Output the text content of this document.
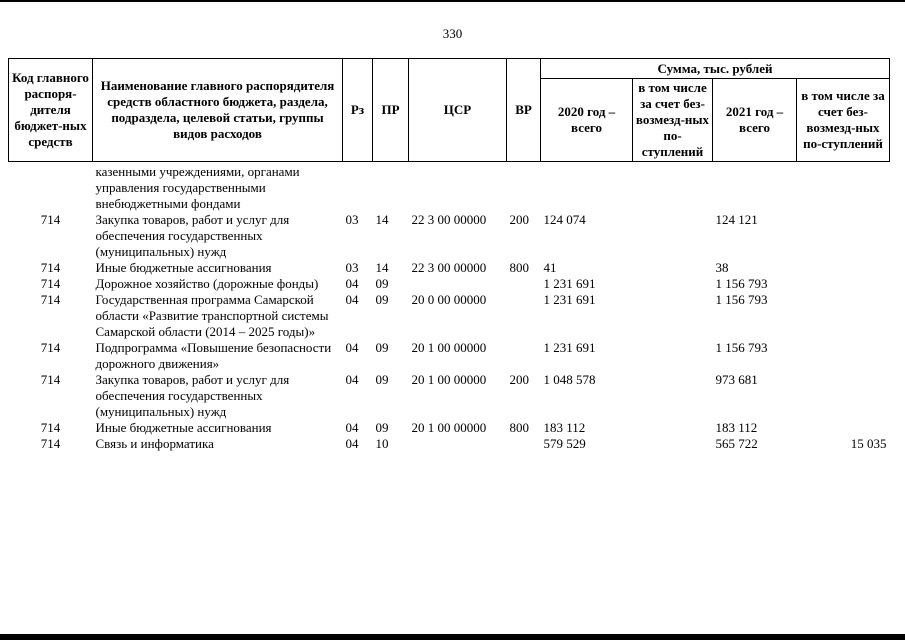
330
Код главного распоря-дителя бюджет-ных средств	Наименование главного распорядителя средств областного бюджета, раздела, подраздела, целевой статьи, группы видов расходов	Рз	ПР	ЦСР	ВР	Сумма, тыс. рублей			
						2020 год – всего	в том числе за счет без-возмезд-ных по-ступлений	2021 год – всего	в том числе за счет без-возмезд-ных по-ступлений

	казенными учреждениями, органами управления государственными внебюджетными фондами								
714	Закупка товаров, работ и услуг для обеспечения государственных (муниципальных) нужд	03	14	22 3 00 00000	200	124 074		124 121	
714	Иные бюджетные ассигнования	03	14	22 3 00 00000	800	41		38	
714	Дорожное хозяйство (дорожные фонды)	04	09			1 231 691		1 156 793	
714	Государственная программа Самарской области «Развитие транспортной системы Самарской области (2014 – 2025 годы)»	04	09	20 0 00 00000		1 231 691		1 156 793	
714	Подпрограмма «Повышение безопасности дорожного движения»	04	09	20 1 00 00000		1 231 691		1 156 793	
714	Закупка товаров, работ и услуг для обеспечения государственных (муниципальных) нужд	04	09	20 1 00 00000	200	1 048 578		973 681	
714	Иные бюджетные ассигнования	04	09	20 1 00 00000	800	183 112		183 112	
714	Связь и информатика	04	10			579 529		565 722	15 035
